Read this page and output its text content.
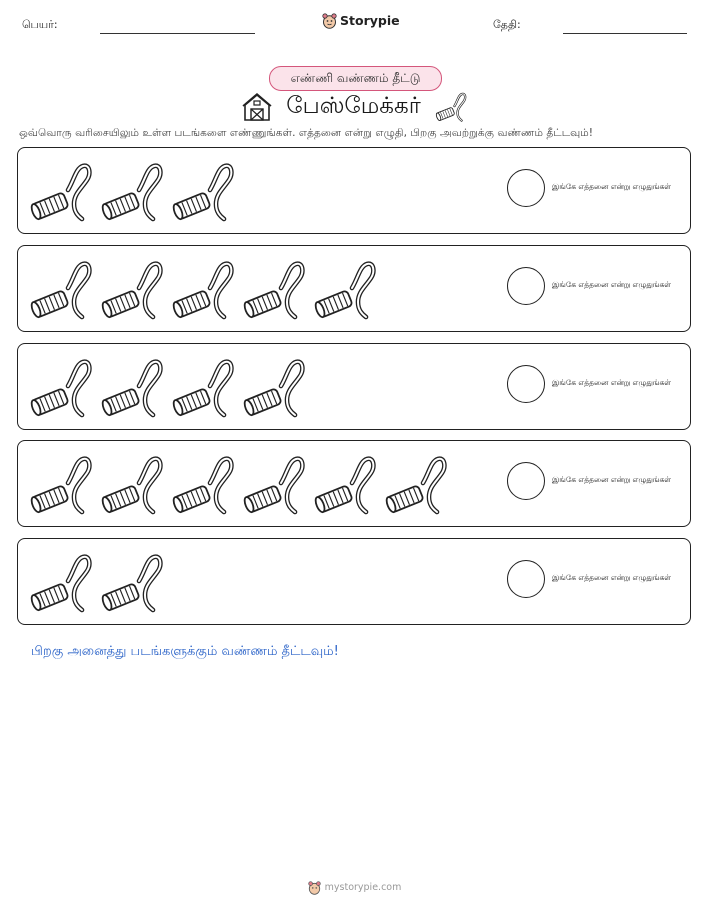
பெயர்:	Storypie	தேதி:
எண்ணி வண்ணம் தீட்டு
பேஸ்மேக்கர்
ஒவ்வொரு வரிசையிலும் உள்ள படங்களை எண்ணுங்கள். எத்தனை என்று எழுதி, பிறகு அவற்றுக்கு வண்ணம் தீட்டவும்!
இங்கே எத்தனை என்று எழுதுங்கள்
இங்கே எத்தனை என்று எழுதுங்கள்
இங்கே எத்தனை என்று எழுதுங்கள்
இங்கே எத்தனை என்று எழுதுங்கள்
இங்கே எத்தனை என்று எழுதுங்கள்
பிறகு அனைத்து படங்களுக்கும் வண்ணம் தீட்டவும்!
mystorypie.com
